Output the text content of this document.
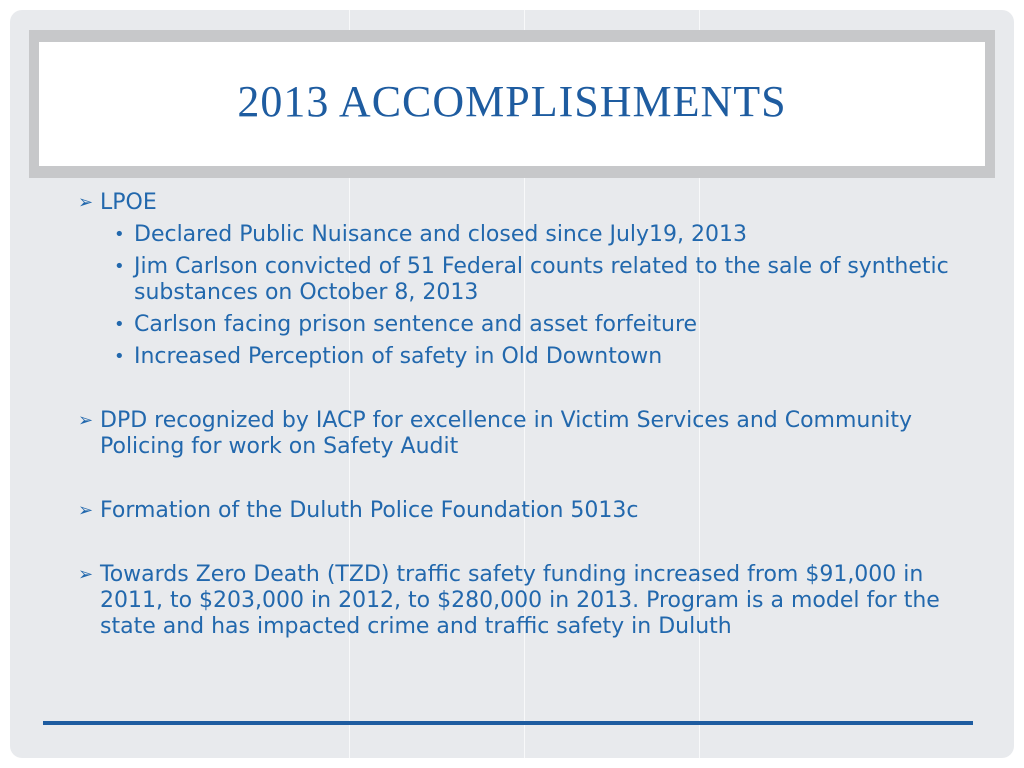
2013 ACCOMPLISHMENTS
➢ LPOE
• Declared Public Nuisance and closed since July19, 2013
• Jim Carlson convicted of 51 Federal counts related to the sale of synthetic substances on October 8, 2013
• Carlson facing prison sentence and asset forfeiture
• Increased Perception of safety in Old Downtown
➢ DPD recognized by IACP for excellence in Victim Services and Community Policing for work on Safety Audit
➢ Formation of the Duluth Police Foundation 5013c
➢ Towards Zero Death (TZD) traffic safety funding increased from $91,000 in 2011, to $203,000 in 2012, to $280,000 in 2013. Program is a model for the state and has impacted crime and traffic safety in Duluth
